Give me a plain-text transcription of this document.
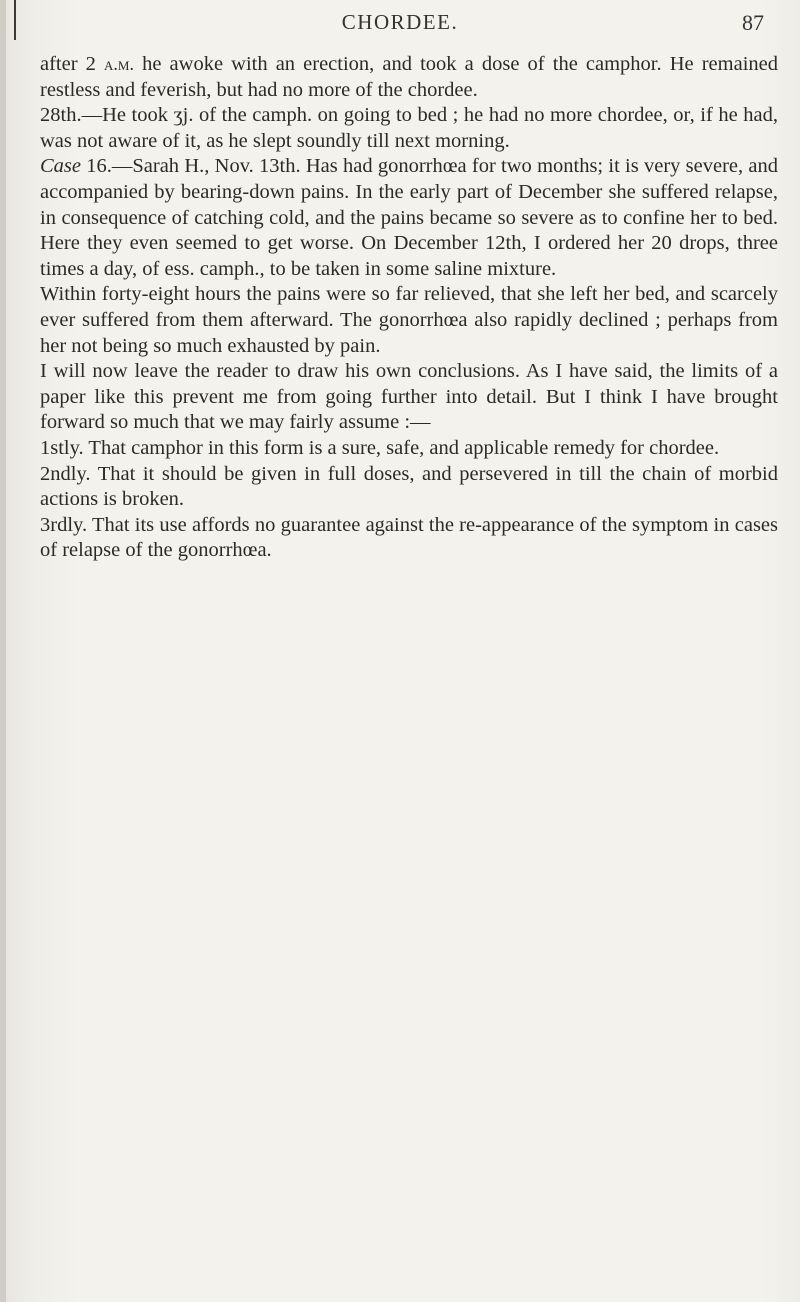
CHORDEE.	87

after 2 a.m. he awoke with an erection, and took a dose of the camphor. He remained restless and feverish, but had no more of the chordee.

28th.—He took ʒj. of the camph. on going to bed ; he had no more chordee, or, if he had, was not aware of it, as he slept soundly till next morning.

Case 16.—Sarah H., Nov. 13th. Has had gonorrhœa for two months; it is very severe, and accompanied by bearing-down pains. In the early part of December she suffered relapse, in consequence of catching cold, and the pains became so severe as to confine her to bed. Here they even seemed to get worse. On December 12th, I ordered her 20 drops, three times a day, of ess. camph., to be taken in some saline mixture.

Within forty-eight hours the pains were so far relieved, that she left her bed, and scarcely ever suffered from them afterward. The gonorrhœa also rapidly declined ; perhaps from her not being so much exhausted by pain.

I will now leave the reader to draw his own conclusions. As I have said, the limits of a paper like this prevent me from going further into detail. But I think I have brought forward so much that we may fairly assume :—

1stly. That camphor in this form is a sure, safe, and applicable remedy for chordee.

2ndly. That it should be given in full doses, and persevered in till the chain of morbid actions is broken.

3rdly. That its use affords no guarantee against the re-appearance of the symptom in cases of relapse of the gonorrhœa.
